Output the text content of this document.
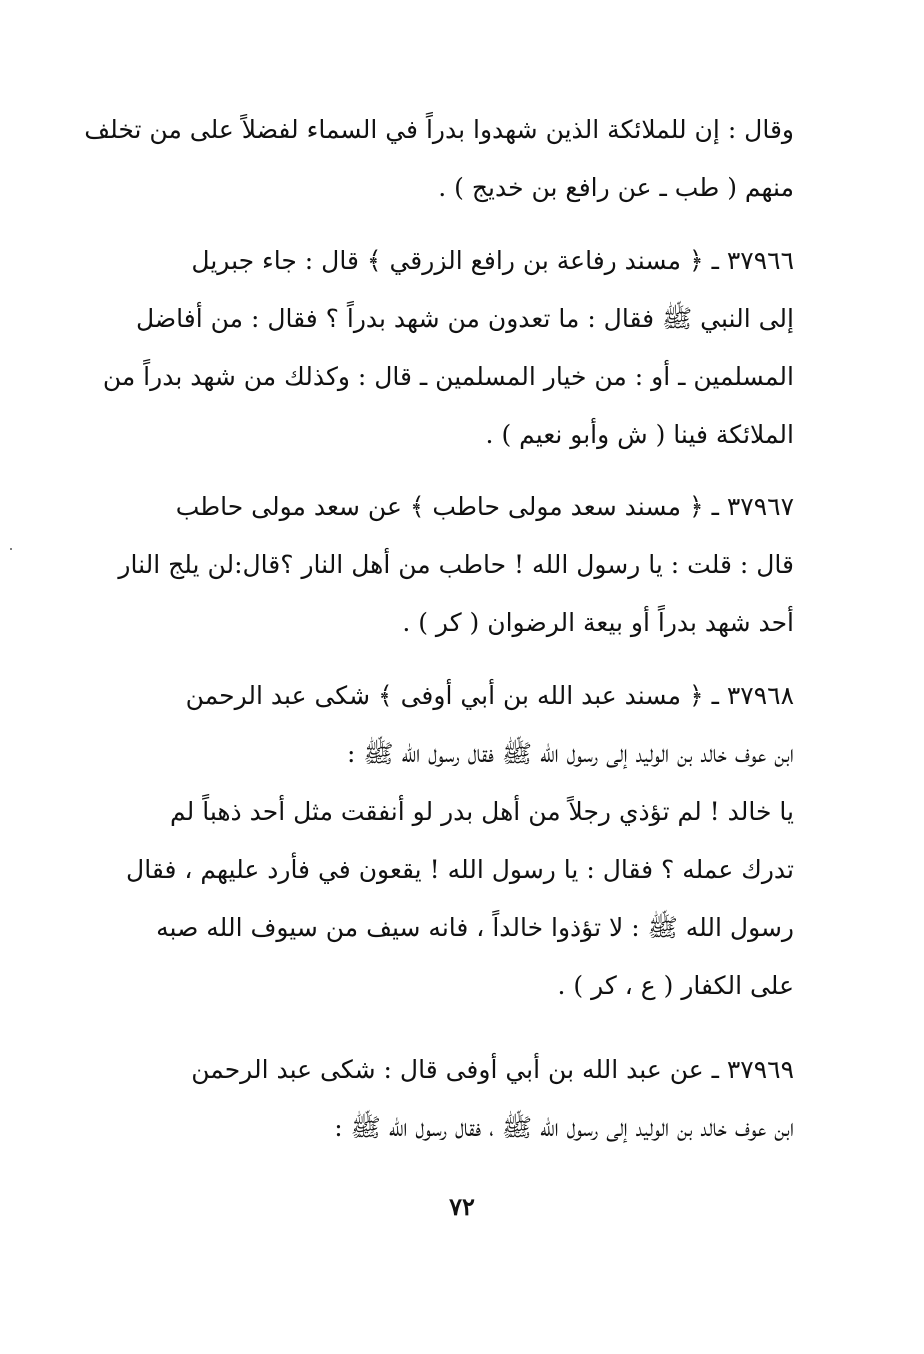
وقال : إن للملائكة الذين شهدوا بدراً في السماء لفضلاً على من تخلف
منهم ( طب ـ عن رافع بن خديج ) .
٣٧٩٦٦ ـ ﴿ مسند رفاعة بن رافع الزرقي ﴾ قال : جاء جبريل
إلى النبي ﷺ فقال : ما تعدون من شهد بدراً ؟ فقال : من أفاضل
المسلمين ـ أو : من خيار المسلمين ـ قال : وكذلك من شهد بدراً من
الملائكة فينا ( ش وأبو نعيم ) .
٣٧٩٦٧ ـ ﴿ مسند سعد مولى حاطب ﴾ عن سعد مولى حاطب
قال : قلت : يا رسول الله ! حاطب من أهل النار ؟قال:لن يلج النار
أحد شهد بدراً أو بيعة الرضوان ( كر ) .
٣٧٩٦٨ ـ ﴿ مسند عبد الله بن أبي أوفى ﴾ شكى عبد الرحمن
ابن عوف خالد بن الوليد إلى رسول الله ﷺ فقال رسول الله ﷺ :
يا خالد ! لم تؤذي رجلاً من أهل بدر لو أنفقت مثل أحد ذهباً لم
تدرك عمله ؟ فقال : يا رسول الله ! يقعون في فأرد عليهم ، فقال
رسول الله ﷺ : لا تؤذوا خالداً ، فانه سيف من سيوف الله صبه
على الكفار ( ع ، كر ) .
٣٧٩٦٩ ـ عن عبد الله بن أبي أوفى قال : شكى عبد الرحمن
ابن عوف خالد بن الوليد إلى رسول الله ﷺ ، فقال رسول الله ﷺ :
٧٢
